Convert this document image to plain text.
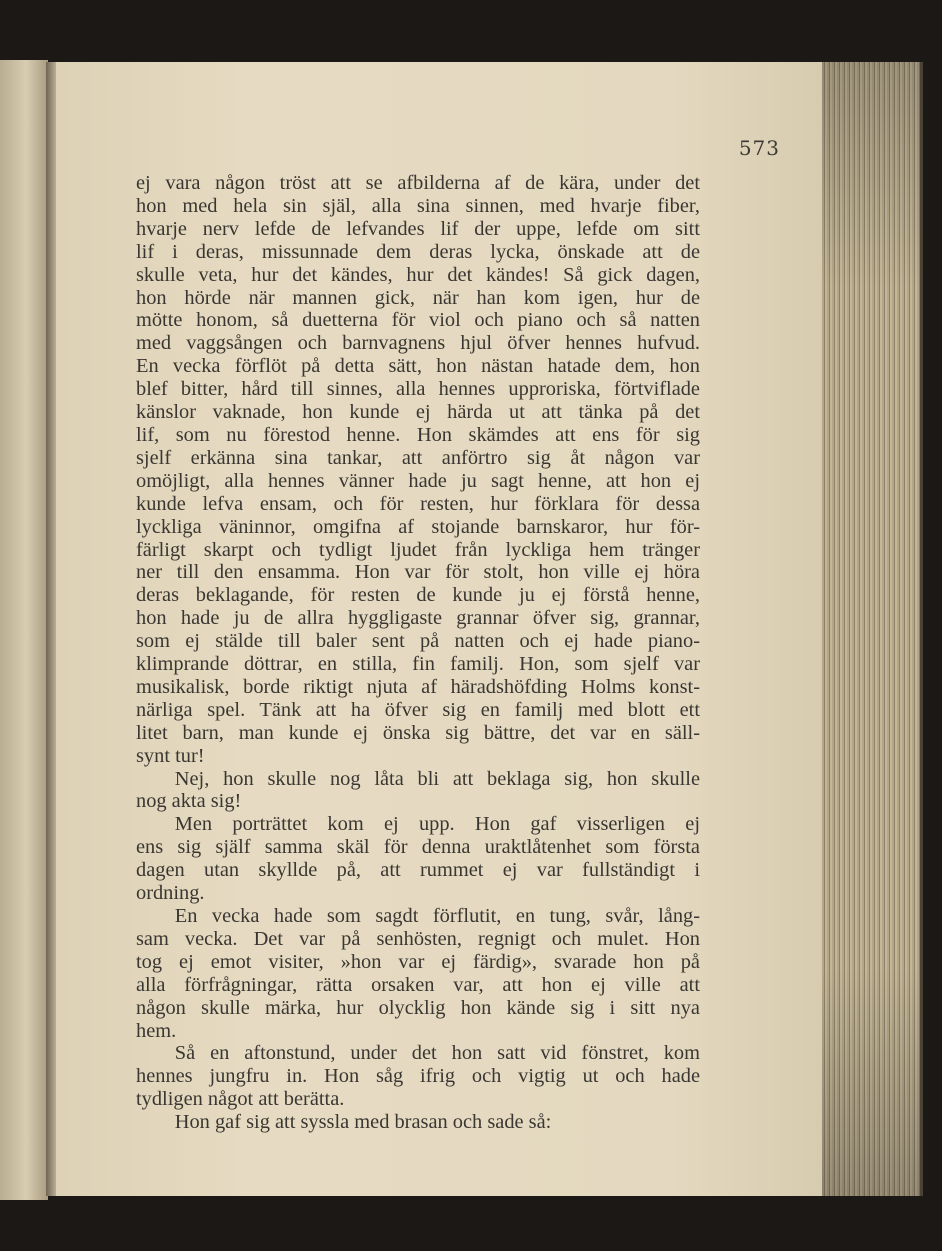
573

ej vara någon tröst att se afbilderna af de kära, under det

hon med hela sin själ, alla sina sinnen, med hvarje fiber,

hvarje nerv lefde de lefvandes lif der uppe, lefde om sitt

lif i deras, missunnade dem deras lycka, önskade att de

skulle veta, hur det kändes, hur det kändes! Så gick dagen,

hon hörde när mannen gick, när han kom igen, hur de

mötte honom, så duetterna för viol och piano och så natten

med vaggsången och barnvagnens hjul öfver hennes hufvud.

En vecka förflöt på detta sätt, hon nästan hatade dem, hon

blef bitter, hård till sinnes, alla hennes upproriska, förtviflade

känslor vaknade, hon kunde ej härda ut att tänka på det

lif, som nu förestod henne. Hon skämdes att ens för sig

sjelf erkänna sina tankar, att anförtro sig åt någon var

omöjligt, alla hennes vänner hade ju sagt henne, att hon ej

kunde lefva ensam, och för resten, hur förklara för dessa

lyckliga väninnor, omgifna af stojande barnskaror, hur för-

färligt skarpt och tydligt ljudet från lyckliga hem tränger

ner till den ensamma. Hon var för stolt, hon ville ej höra

deras beklagande, för resten de kunde ju ej förstå henne,

hon hade ju de allra hyggligaste grannar öfver sig, grannar,

som ej stälde till baler sent på natten och ej hade piano-

klimprande döttrar, en stilla, fin familj. Hon, som sjelf var

musikalisk, borde riktigt njuta af häradshöfding Holms konst-

närliga spel. Tänk att ha öfver sig en familj med blott ett

litet barn, man kunde ej önska sig bättre, det var en säll-

synt tur!

Nej, hon skulle nog låta bli att beklaga sig, hon skulle

nog akta sig!

Men porträttet kom ej upp. Hon gaf visserligen ej

ens sig själf samma skäl för denna uraktlåtenhet som första

dagen utan skyllde på, att rummet ej var fullständigt i

ordning.

En vecka hade som sagdt förflutit, en tung, svår, lång-

sam vecka. Det var på senhösten, regnigt och mulet. Hon

tog ej emot visiter, »hon var ej färdig», svarade hon på

alla förfrågningar, rätta orsaken var, att hon ej ville att

någon skulle märka, hur olycklig hon kände sig i sitt nya

hem.

Så en aftonstund, under det hon satt vid fönstret, kom

hennes jungfru in. Hon såg ifrig och vigtig ut och hade

tydligen något att berätta.

Hon gaf sig att syssla med brasan och sade så:
